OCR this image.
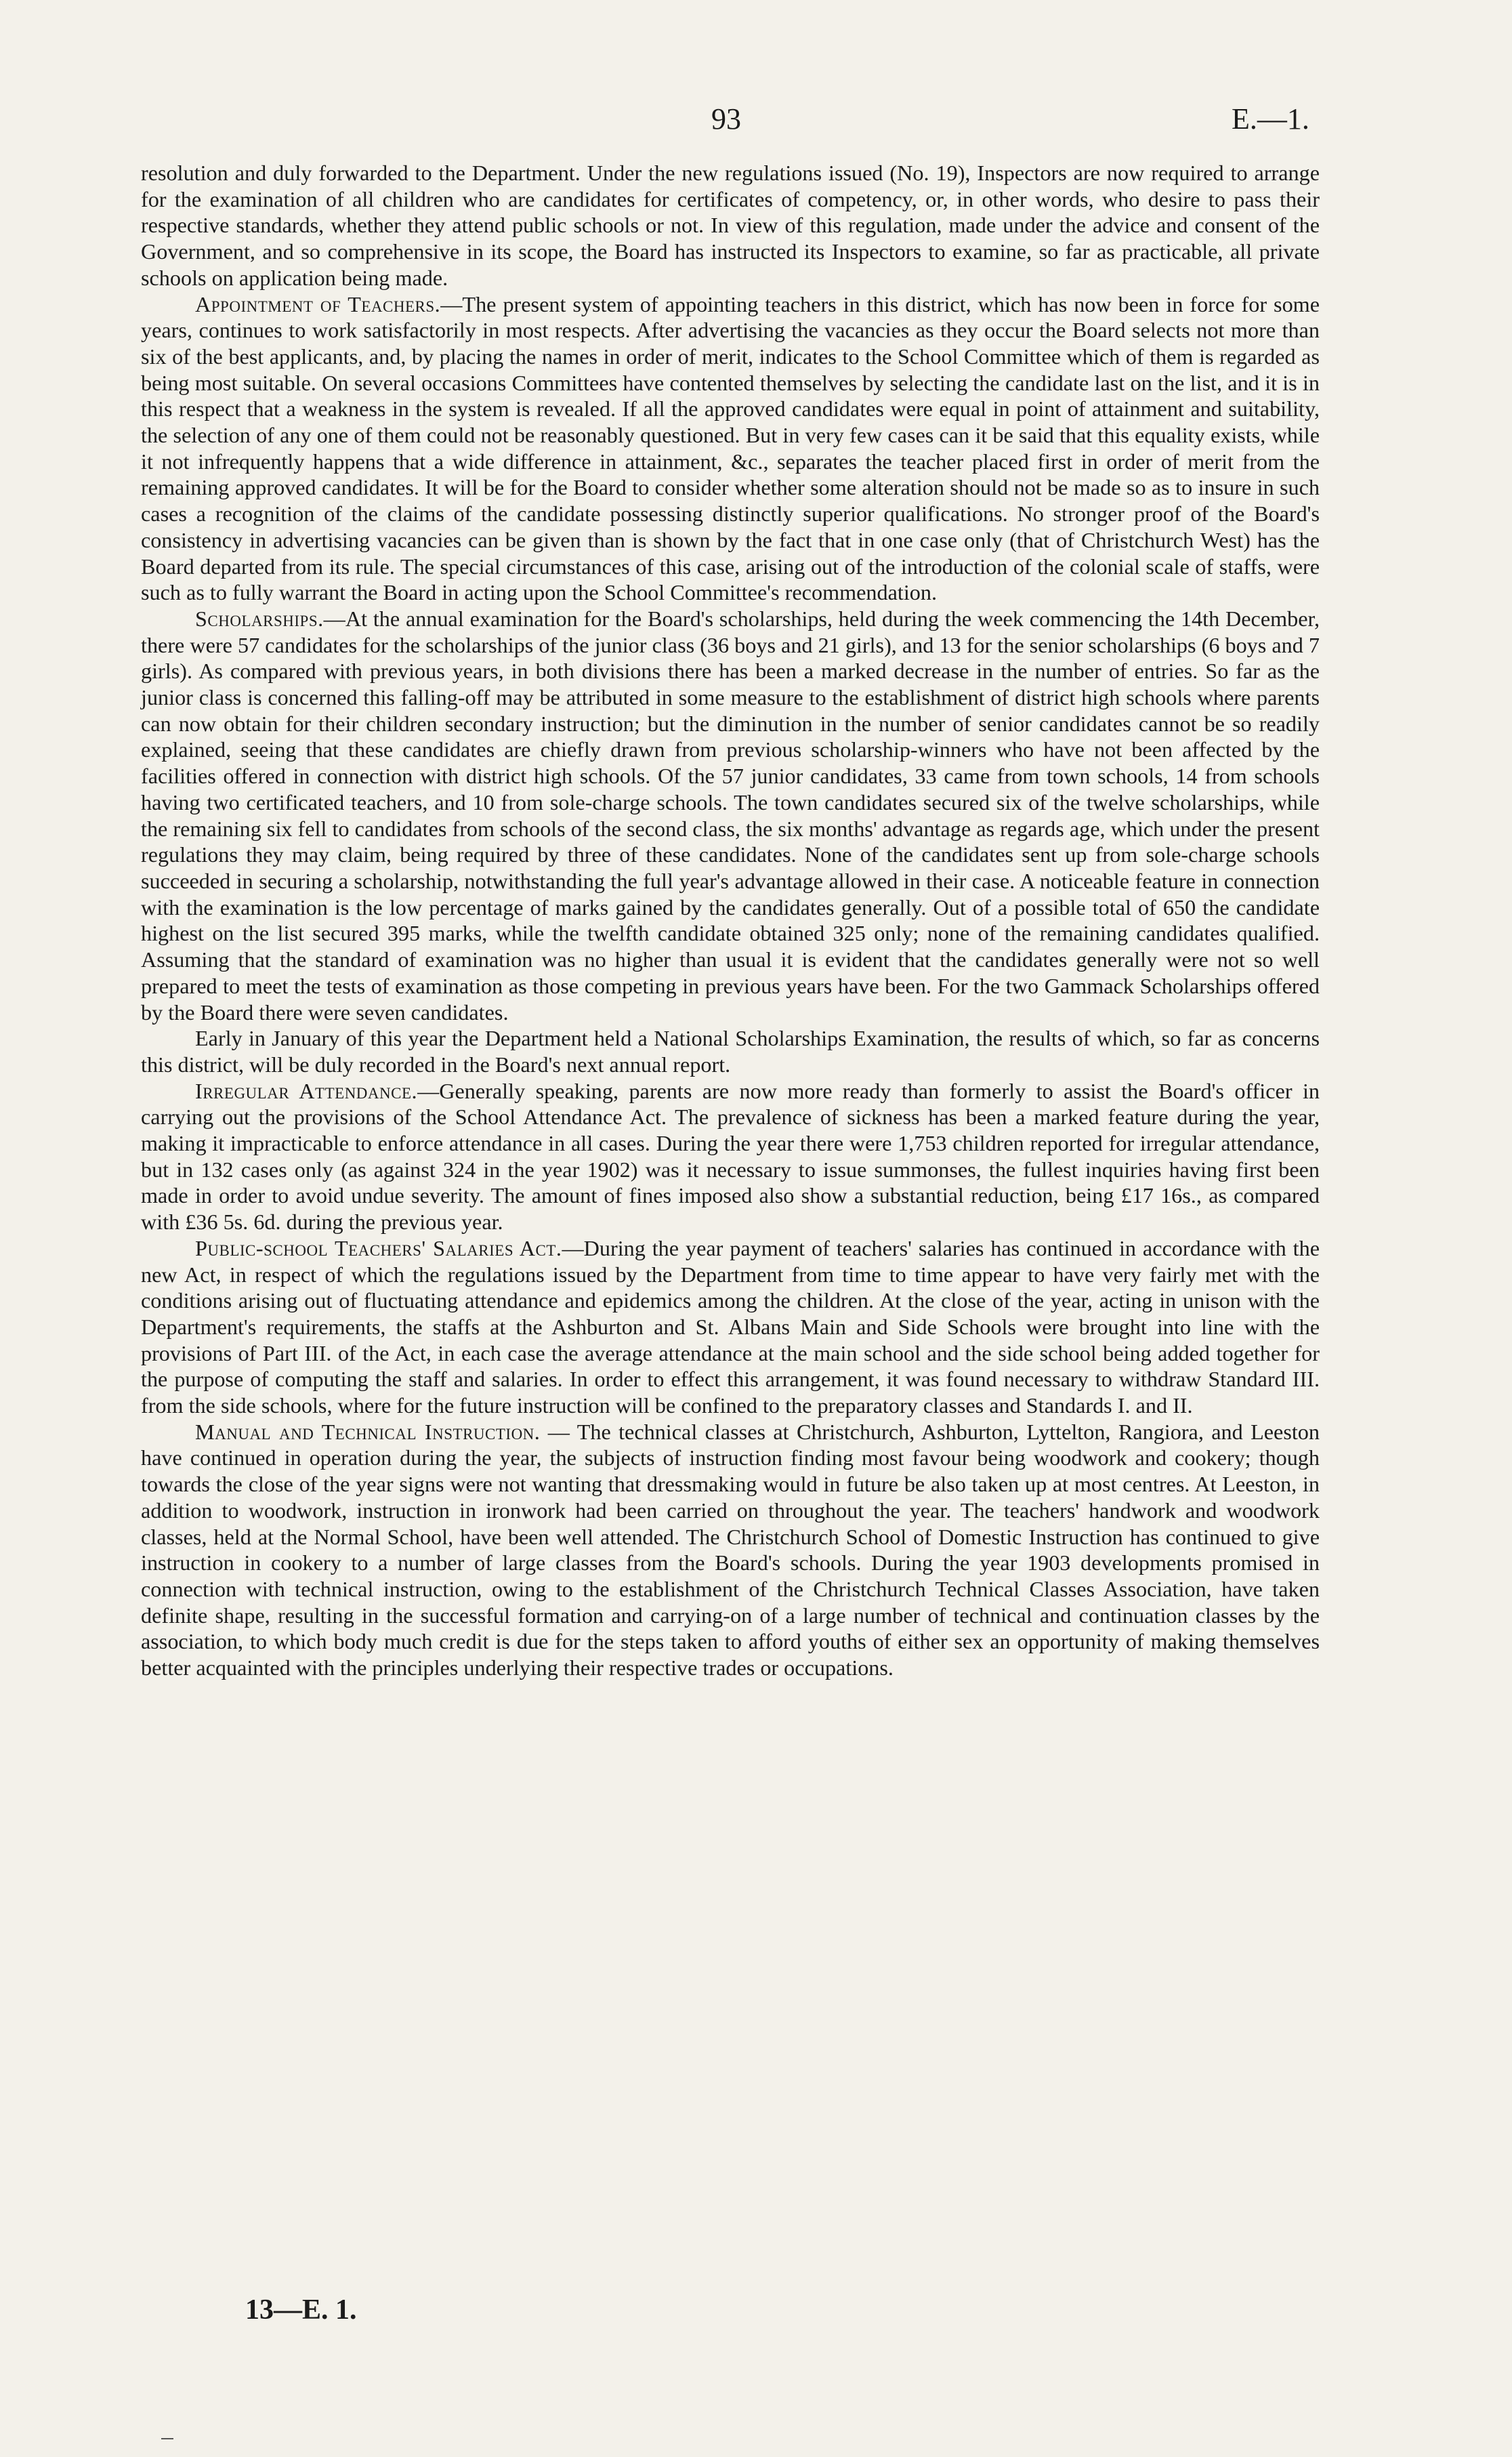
93	E.—1.

resolution and duly forwarded to the Department. Under the new regulations issued (No. 19), Inspectors are now required to arrange for the examination of all children who are candidates for certificates of competency, or, in other words, who desire to pass their respective standards, whether they attend public schools or not. In view of this regulation, made under the advice and consent of the Government, and so comprehensive in its scope, the Board has instructed its Inspectors to examine, so far as practicable, all private schools on application being made.

Appointment of Teachers.—The present system of appointing teachers in this district, which has now been in force for some years, continues to work satisfactorily in most respects. After advertising the vacancies as they occur the Board selects not more than six of the best applicants, and, by placing the names in order of merit, indicates to the School Committee which of them is regarded as being most suitable. On several occasions Committees have contented themselves by selecting the candidate last on the list, and it is in this respect that a weakness in the system is revealed. If all the approved candidates were equal in point of attainment and suitability, the selection of any one of them could not be reasonably questioned. But in very few cases can it be said that this equality exists, while it not infrequently happens that a wide difference in attainment, &c., separates the teacher placed first in order of merit from the remaining approved candidates. It will be for the Board to consider whether some alteration should not be made so as to insure in such cases a recognition of the claims of the candidate possessing distinctly superior qualifications. No stronger proof of the Board's consistency in advertising vacancies can be given than is shown by the fact that in one case only (that of Christchurch West) has the Board departed from its rule. The special circumstances of this case, arising out of the introduction of the colonial scale of staffs, were such as to fully warrant the Board in acting upon the School Committee's recommendation.

Scholarships.—At the annual examination for the Board's scholarships, held during the week commencing the 14th December, there were 57 candidates for the scholarships of the junior class (36 boys and 21 girls), and 13 for the senior scholarships (6 boys and 7 girls). As compared with previous years, in both divisions there has been a marked decrease in the number of entries. So far as the junior class is concerned this falling-off may be attributed in some measure to the establishment of district high schools where parents can now obtain for their children secondary instruction; but the diminution in the number of senior candidates cannot be so readily explained, seeing that these candidates are chiefly drawn from previous scholarship-winners who have not been affected by the facilities offered in connection with district high schools. Of the 57 junior candidates, 33 came from town schools, 14 from schools having two certificated teachers, and 10 from sole-charge schools. The town candidates secured six of the twelve scholarships, while the remaining six fell to candidates from schools of the second class, the six months' advantage as regards age, which under the present regulations they may claim, being required by three of these candidates. None of the candidates sent up from sole-charge schools succeeded in securing a scholarship, notwithstanding the full year's advantage allowed in their case. A noticeable feature in connection with the examination is the low percentage of marks gained by the candidates generally. Out of a possible total of 650 the candidate highest on the list secured 395 marks, while the twelfth candidate obtained 325 only; none of the remaining candidates qualified. Assuming that the standard of examination was no higher than usual it is evident that the candidates generally were not so well prepared to meet the tests of examination as those competing in previous years have been. For the two Gammack Scholarships offered by the Board there were seven candidates.

Early in January of this year the Department held a National Scholarships Examination, the results of which, so far as concerns this district, will be duly recorded in the Board's next annual report.

Irregular Attendance.—Generally speaking, parents are now more ready than formerly to assist the Board's officer in carrying out the provisions of the School Attendance Act. The prevalence of sickness has been a marked feature during the year, making it impracticable to enforce attendance in all cases. During the year there were 1,753 children reported for irregular attendance, but in 132 cases only (as against 324 in the year 1902) was it necessary to issue summonses, the fullest inquiries having first been made in order to avoid undue severity. The amount of fines imposed also show a substantial reduction, being £17 16s., as compared with £36 5s. 6d. during the previous year.

Public-school Teachers' Salaries Act.—During the year payment of teachers' salaries has continued in accordance with the new Act, in respect of which the regulations issued by the Department from time to time appear to have very fairly met with the conditions arising out of fluctuating attendance and epidemics among the children. At the close of the year, acting in unison with the Department's requirements, the staffs at the Ashburton and St. Albans Main and Side Schools were brought into line with the provisions of Part III. of the Act, in each case the average attendance at the main school and the side school being added together for the purpose of computing the staff and salaries. In order to effect this arrangement, it was found necessary to withdraw Standard III. from the side schools, where for the future instruction will be confined to the preparatory classes and Standards I. and II.

Manual and Technical Instruction. — The technical classes at Christchurch, Ashburton, Lyttelton, Rangiora, and Leeston have continued in operation during the year, the subjects of instruction finding most favour being woodwork and cookery; though towards the close of the year signs were not wanting that dressmaking would in future be also taken up at most centres. At Leeston, in addition to woodwork, instruction in ironwork had been carried on throughout the year. The teachers' handwork and woodwork classes, held at the Normal School, have been well attended. The Christchurch School of Domestic Instruction has continued to give instruction in cookery to a number of large classes from the Board's schools. During the year 1903 developments promised in connection with technical instruction, owing to the establishment of the Christchurch Technical Classes Association, have taken definite shape, resulting in the successful formation and carrying-on of a large number of technical and continuation classes by the association, to which body much credit is due for the steps taken to afford youths of either sex an opportunity of making themselves better acquainted with the principles underlying their respective trades or occupations.

13—E. 1.
